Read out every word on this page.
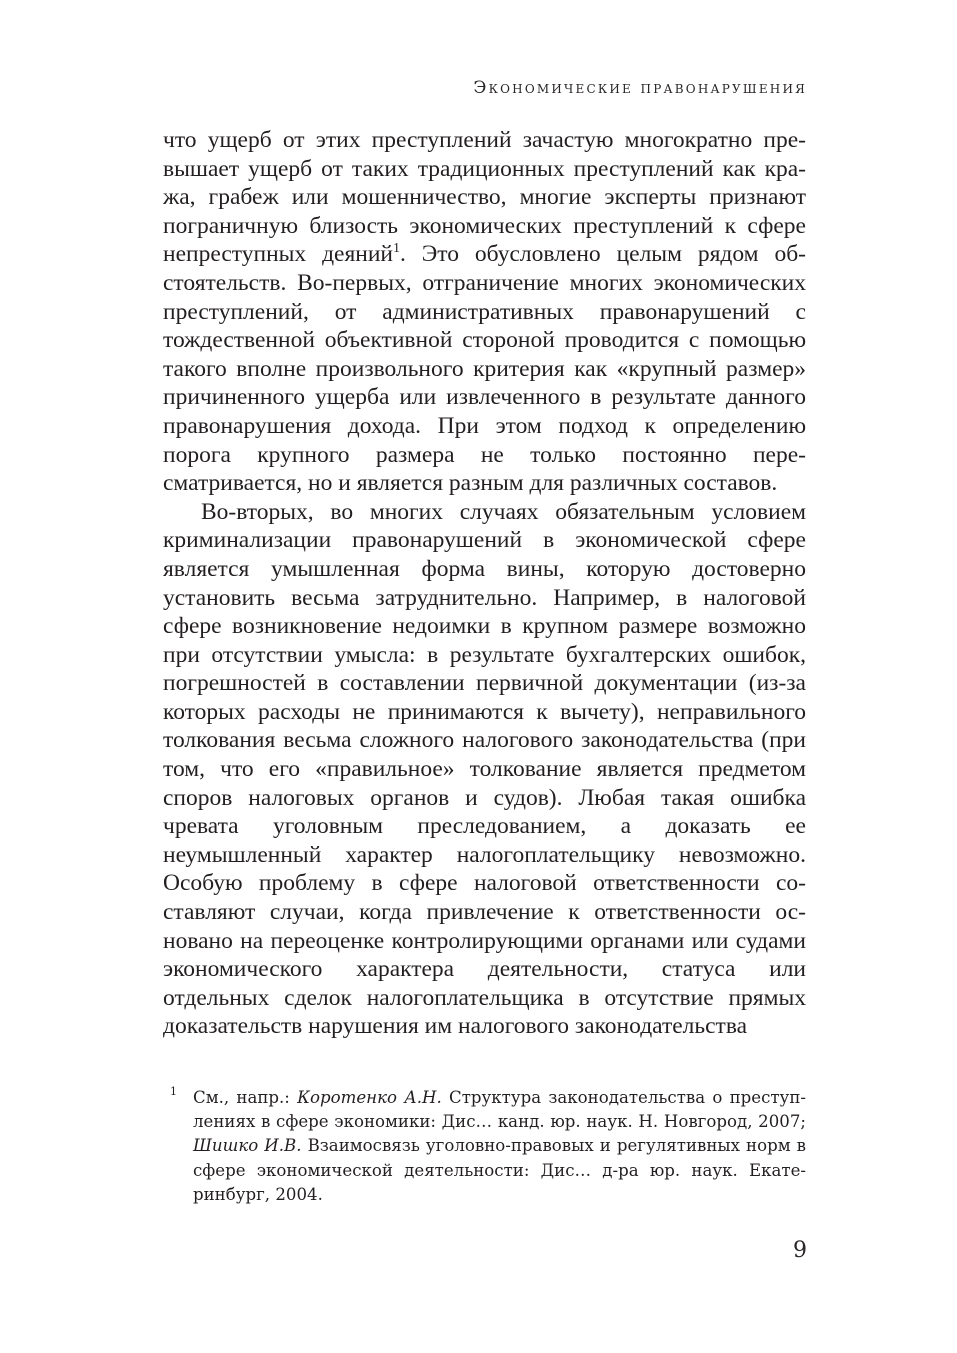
Экономические правонарушения

что ущерб от этих преступлений зачастую многократно превышает ущерб от таких традиционных преступлений как кража, грабеж или мошенничество, многие эксперты признают пограничную близость экономических преступлений к сфере непреступных деяний$^1$. Это обусловлено целым рядом обстоятельств. Во-первых, отграничение многих экономических преступлений, от административных правонарушений с тождественной объективной стороной проводится с помощью такого вполне произвольного критерия как «крупный размер» причиненного ущерба или извлеченного в результате данного правонарушения дохода. При этом подход к определению порога крупного размера не только постоянно пересматривается, но и является разным для различных составов.

Во-вторых, во многих случаях обязательным условием криминализации правонарушений в экономической сфере является умышленная форма вины, которую достоверно установить весьма затруднительно. Например, в налоговой сфере возникновение недоимки в крупном размере возможно при отсутствии умысла: в результате бухгалтерских ошибок, погрешностей в составлении первичной документации (из-за которых расходы не принимаются к вычету), неправильного толкования весьма сложного налогового законодательства (при том, что его «правильное» толкование является предметом споров налоговых органов и судов). Любая такая ошибка чревата уголовным преследованием, а доказать ее неумышленный характер налогоплательщику невозможно. Особую проблему в сфере налоговой ответственности составляют случаи, когда привлечение к ответственности основано на переоценке контролирующими органами или судами экономического характера деятельности, статуса или отдельных сделок налогоплательщика в отсутствие прямых доказательств нарушения им налогового законодательства

1 См., напр.: Коротенко А.Н. Структура законодательства о преступлениях в сфере экономики: Дис… канд. юр. наук. Н. Новгород, 2007; Шишко И.В. Взаимосвязь уголовно-правовых и регулятивных норм в сфере экономической деятельности: Дис… д-ра юр. наук. Екатеринбург, 2004.
9
